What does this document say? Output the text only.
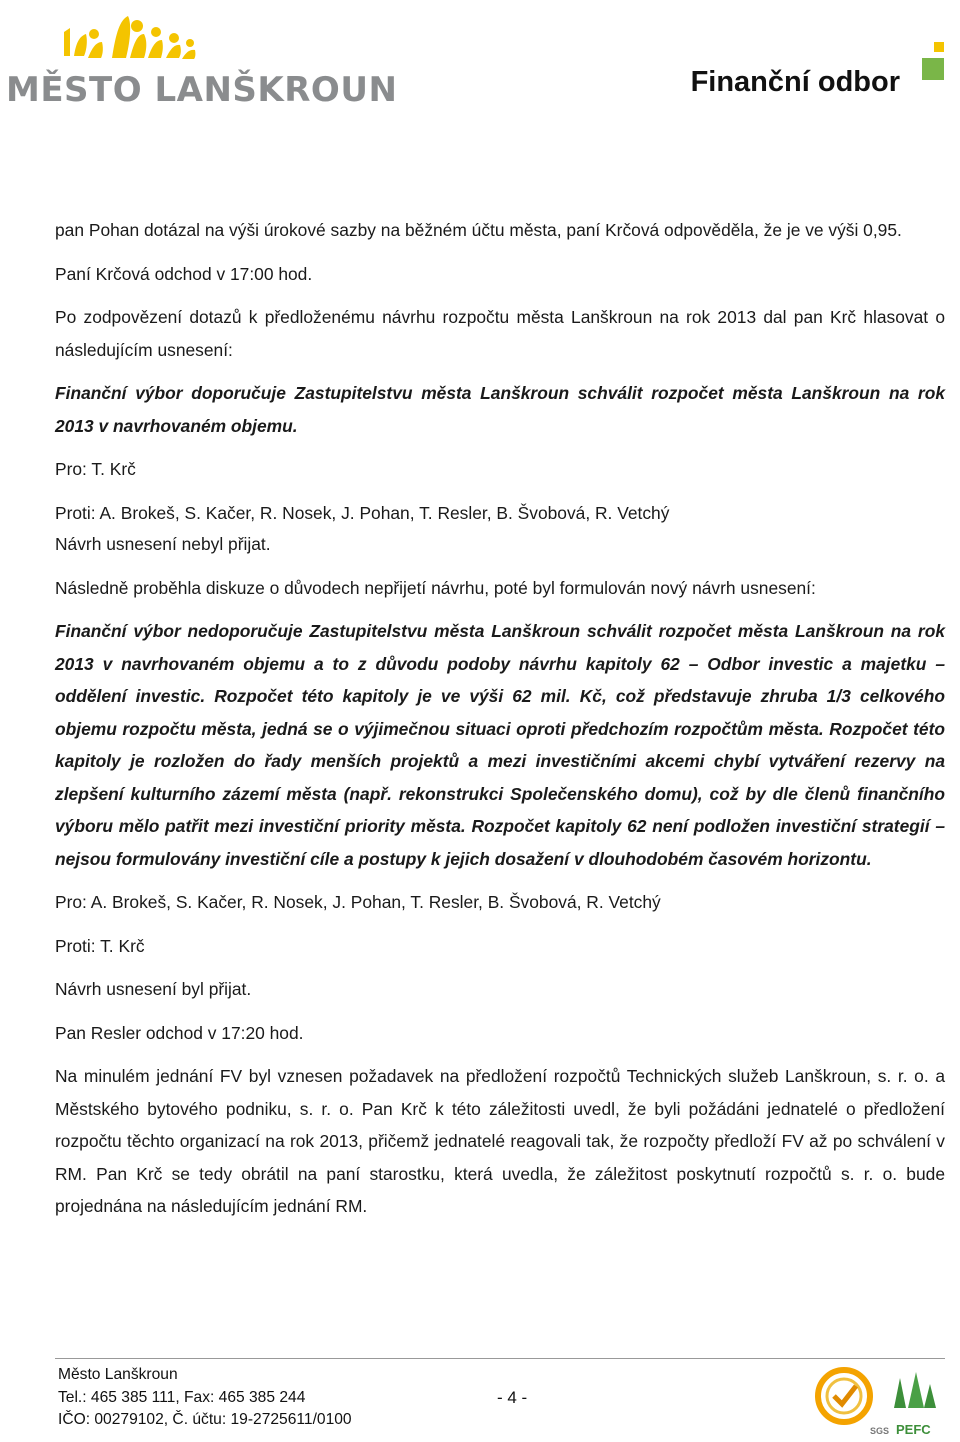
MĚSTO LANŠKROUN	Finanční odbor

pan Pohan dotázal na výši úrokové sazby na běžném účtu města, paní Krčová odpověděla, že je ve výši 0,95.

Paní Krčová odchod v 17:00 hod.

Po zodpovězení dotazů k předloženému návrhu rozpočtu města Lanškroun na rok 2013 dal pan Krč hlasovat o následujícím usnesení:

Finanční výbor doporučuje Zastupitelstvu města Lanškroun schválit rozpočet města Lanškroun na rok 2013 v navrhovaném objemu.

Pro: T. Krč

Proti: A. Brokeš, S. Kačer, R. Nosek, J. Pohan, T. Resler, B. Švobová, R. Vetchý

Návrh usnesení nebyl přijat.

Následně proběhla diskuze o důvodech nepřijetí návrhu, poté byl formulován nový návrh usnesení:

Finanční výbor nedoporučuje Zastupitelstvu města Lanškroun schválit rozpočet města Lanškroun na rok 2013 v navrhovaném objemu a to z důvodu podoby návrhu kapitoly 62 – Odbor investic a majetku – oddělení investic. Rozpočet této kapitoly je ve výši 62 mil. Kč, což představuje zhruba 1/3 celkového objemu rozpočtu města, jedná se o výjimečnou situaci oproti předchozím rozpočtům města. Rozpočet této kapitoly je rozložen do řady menších projektů a mezi investičními akcemi chybí vytváření rezervy na zlepšení kulturního zázemí města (např. rekonstrukci Společenského domu), což by dle členů finančního výboru mělo patřit mezi investiční priority města. Rozpočet kapitoly 62 není podložen investiční strategií – nejsou formulovány investiční cíle a postupy k jejich dosažení v dlouhodobém časovém horizontu.

Pro: A. Brokeš, S. Kačer, R. Nosek, J. Pohan, T. Resler, B. Švobová, R. Vetchý

Proti: T. Krč

Návrh usnesení byl přijat.

Pan Resler odchod v 17:20 hod.

Na minulém jednání FV byl vznesen požadavek na předložení rozpočtů Technických služeb Lanškroun, s. r. o. a Městského bytového podniku, s. r. o. Pan Krč k této záležitosti uvedl, že byli požádáni jednatelé o předložení rozpočtu těchto organizací na rok 2013, přičemž jednatelé reagovali tak, že rozpočty předloží FV až po schválení v RM. Pan Krč se tedy obrátil na paní starostku, která uvedla, že záležitost poskytnutí rozpočtů s. r. o. bude projednána na následujícím jednání RM.

Město Lanškroun
Tel.: 465 385 111, Fax: 465 385 244
IČO: 00279102, Č. účtu: 19-2725611/0100
- 4 -
SGS PEFC
